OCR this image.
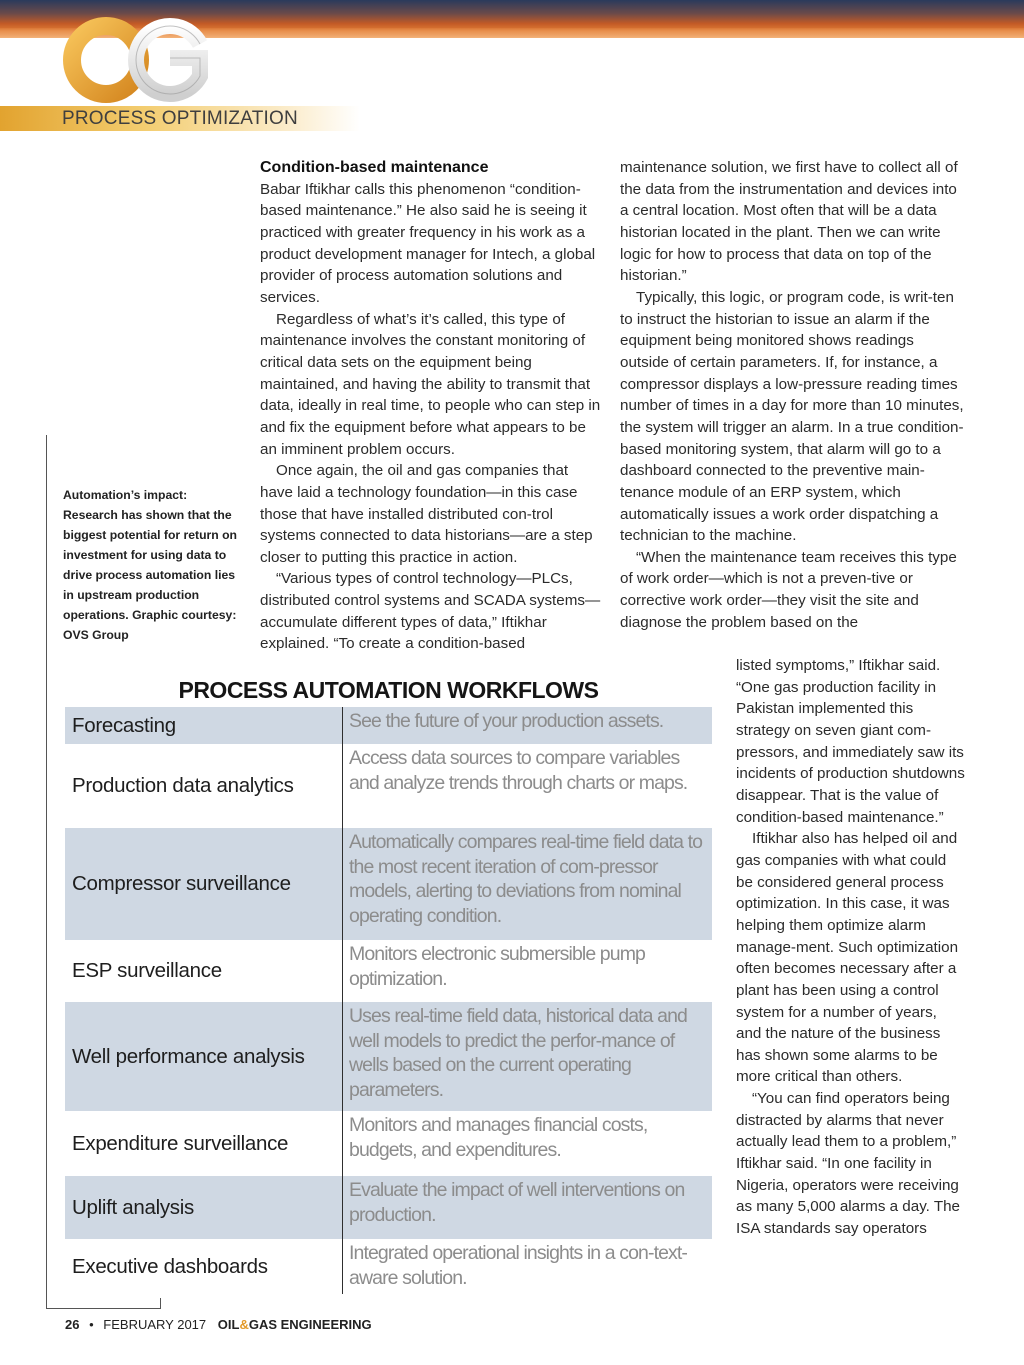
PROCESS OPTIMIZATION
Automation’s impact: Research has shown that the biggest potential for return on investment for using data to drive process automation lies in upstream production operations. Graphic courtesy: OVS Group
Condition-based maintenance

Babar Iftikhar calls this phenomenon “condition-based maintenance.” He also said he is seeing it practiced with greater frequency in his work as a product development manager for Intech, a global provider of process automation solutions and services.

Regardless of what’s it’s called, this type of maintenance involves the constant monitoring of critical data sets on the equipment being maintained, and having the ability to transmit that data, ideally in real time, to people who can step in and fix the equipment before what appears to be an imminent problem occurs.

Once again, the oil and gas companies that have laid a technology foundation—in this case those that have installed distributed con-trol systems connected to data historians—are a step closer to putting this practice in action.

“Various types of control technology—PLCs, distributed control systems and SCADA systems—accumulate different types of data,” Iftikhar explained. “To create a condition-based

maintenance solution, we first have to collect all of the data from the instrumentation and devices into a central location. Most often that will be a data historian located in the plant. Then we can write logic for how to process that data on top of the historian.”

Typically, this logic, or program code, is writ-ten to instruct the historian to issue an alarm if the equipment being monitored shows readings outside of certain parameters. If, for instance, a compressor displays a low-pressure reading times number of times in a day for more than 10 minutes, the system will trigger an alarm. In a true condition-based monitoring system, that alarm will go to a dashboard connected to the preventive main-tenance module of an ERP system, which automatically issues a work order dispatching a technician to the machine.

“When the maintenance team receives this type of work order—which is not a preven-tive or corrective work order—they visit the site and diagnose the problem based on the

listed symptoms,” Iftikhar said. “One gas production facility in Pakistan implemented this strategy on seven giant com-pressors, and immediately saw its incidents of production shutdowns disappear. That is the value of condition-based maintenance.”

Iftikhar also has helped oil and gas companies with what could be considered general process optimization. In this case, it was helping them optimize alarm manage-ment. Such optimization often becomes necessary after a plant has been using a control system for a number of years, and the nature of the business has shown some alarms to be more critical than others.

“You can find operators being distracted by alarms that never actually lead them to a problem,” Iftikhar said. “In one facility in Nigeria, operators were receiving as many 5,000 alarms a day. The ISA standards say operators

PROCESS AUTOMATION WORKFLOWS
Forecasting	See the future of your production assets.
Production data analytics
Access data sources to compare variables and analyze trends through charts or maps.
Compressor surveillance
Automatically compares real-time field data to the most recent iteration of com-pressor models, alerting to deviations from nominal operating condition.
ESP surveillance
Monitors electronic submersible pump optimization.
Well performance analysis
Uses real-time field data, historical data and well models to predict the perfor-mance of wells based on the current operating parameters.
Expenditure surveillance
Monitors and manages financial costs, budgets, and expenditures.
Uplift analysis
Evaluate the impact of well interventions on production.
Executive dashboards
Integrated operational insights in a con-text-aware solution.
26 • FEBRUARY 2017 OIL&GAS ENGINEERING
